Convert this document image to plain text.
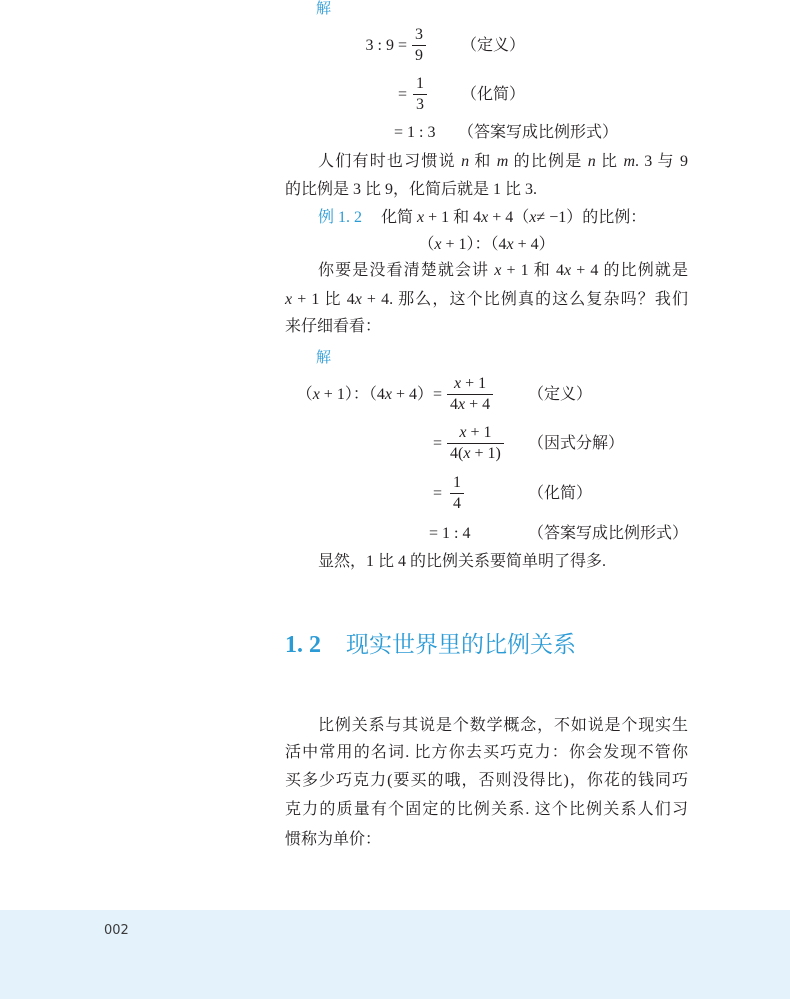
解
3 : $9 = \frac{3}{9}$ （定义）
= $\frac{1}{3}$ （化简）
= 1 : 3 （答案写成比例形式）
人们有时也习惯说 n 和 m 的比例是 n 比 m. 3 与 9
的比例是 3 比 9，化简后就是 1 比 3.
例 1. 2 化简 x + 1 和 4x + 4（x≠ −1）的比例：
（x + 1）：（4x + 4）
你要是没看清楚就会讲 x + 1 和 4x + 4 的比例就是
x + 1 比 4x + 4. 那么，这个比例真的这么复杂吗？我们
来仔细看看：
解
（x + 1）：$(4x + 4)= \frac{x + 1}{4x + 4}$ （定义）
= $\frac{x + 1}{4(x + 1)}$ （因式分解）
= $\frac{1}{4}$	（化简）
= 1 : 4	（答案写成比例形式）
显然，1 比 4 的比例关系要简单明了得多.
1. 2 现实世界里的比例关系
比例关系与其说是个数学概念，不如说是个现实生
活中常用的名词. 比方你去买巧克力：你会发现不管你
买多少巧克力(要买的哦，否则没得比)，你花的钱同巧
克力的质量有个固定的比例关系. 这个比例关系人们习
惯称为单价：
002
